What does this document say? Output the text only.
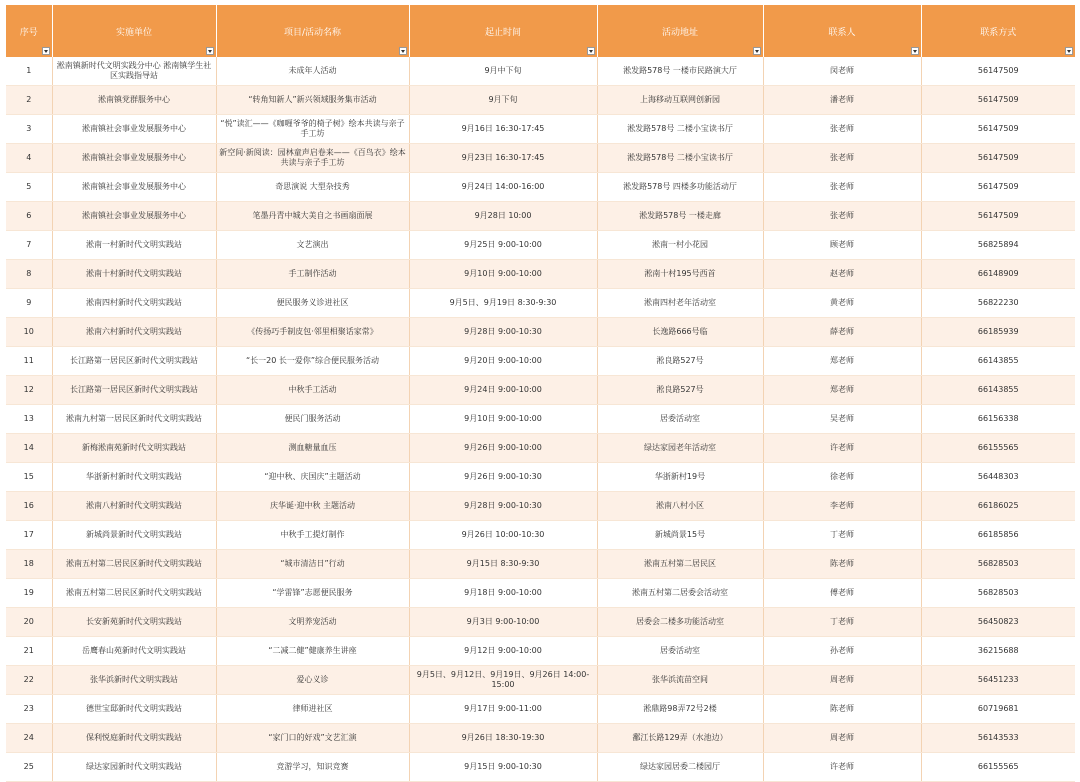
序号	实施单位	项目/活动名称	起止时间	活动地址	联系人	联系方式

1	淞南镇新时代文明实践分中心 淞南镇学生社区实践指导站	未成年人活动	9月中下旬	淞发路578号 一楼市民路演大厅	闵老师	56147509
2	淞南镇党群服务中心	“转角知新人”新兴领域服务集市活动	9月下旬	上海移动互联网创新园	潘老师	56147509
3	淞南镇社会事业发展服务中心	“悦”读汇——《咖喱爷爷的椅子树》绘本共读与亲子手工坊	9月16日 16:30-17:45	淞发路578号 二楼小宝读书厅	张老师	56147509
4	淞南镇社会事业发展服务中心	新空间·新阅读：园林童声启卷来——《百鸟衣》绘本共读与亲子手工坊	9月23日 16:30-17:45	淞发路578号 二楼小宝读书厅	张老师	56147509
5	淞南镇社会事业发展服务中心	奇思演说 大型杂技秀	9月24日 14:00-16:00	淞发路578号 四楼多功能活动厅	张老师	56147509
6	淞南镇社会事业发展服务中心	笔墨丹青中城大美自之书画扇面展	9月28日 10:00	淞发路578号 一楼走廊	张老师	56147509
7	淞南一村新时代文明实践站	文艺演出	9月25日 9:00-10:00	淞南一村小花园	顾老师	56825894
8	淞南十村新时代文明实践站	手工制作活动	9月10日 9:00-10:00	淞南十村195号西首	赵老师	66148909
9	淞南四村新时代文明实践站	便民服务义诊进社区	9月5日、9月19日 8:30-9:30	淞南四村老年活动室	黄老师	56822230
10	淞南六村新时代文明实践站	《传扬巧手制皮包·邻里相聚话家常》	9月28日 9:00-10:30	长逸路666号临	薛老师	66185939
11	长江路第一居民区新时代文明实践站	“长一20 长一爱你”综合便民服务活动	9月20日 9:00-10:00	淞良路527号	郑老师	66143855
12	长江路第一居民区新时代文明实践站	中秋手工活动	9月24日 9:00-10:00	淞良路527号	郑老师	66143855
13	淞南九村第一居民区新时代文明实践站	便民门服务活动	9月10日 9:00-10:00	居委活动室	吴老师	66156338
14	新梅淞南苑新时代文明实践站	测血糖量血压	9月26日 9:00-10:00	绿达家园老年活动室	许老师	66155565
15	华浙新村新时代文明实践站	“迎中秋、庆国庆”主题活动	9月26日 9:00-10:30	华浙新村19号	徐老师	56448303
16	淞南八村新时代文明实践站	庆华诞·迎中秋 主题活动	9月28日 9:00-10:30	淞南八村小区	李老师	66186025
17	新城尚景新时代文明实践站	中秋手工提灯制作	9月26日 10:00-10:30	新城尚景15号	丁老师	66185856
18	淞南五村第二居民区新时代文明实践站	“城市清洁日”行动	9月15日 8:30-9:30	淞南五村第二居民区	陈老师	56828503
19	淞南五村第二居民区新时代文明实践站	“学雷锋”志愿便民服务	9月18日 9:00-10:00	淞南五村第二居委会活动室	傅老师	56828503
20	长安新苑新时代文明实践站	文明养宠活动	9月3日 9:00-10:00	居委会二楼多功能活动室	丁老师	56450823
21	岳鹰春山苑新时代文明实践站	“二减二健”健康养生讲座	9月12日 9:00-10:00	居委活动室	孙老师	36215688
22	张华浜新时代文明实践站	爱心义诊	9月5日、9月12日、9月19日、9月26日 14:00-15:00	张华浜流苗空间	周老师	56451233
23	德世宝邸新时代文明实践站	律师进社区	9月17日 9:00-11:00	淞鼎路98弄72号2楼	陈老师	60719681
24	保利悦庭新时代文明实践站	“家门口的好戏”文艺汇演	9月26日 18:30-19:30	鄱江长路129弄（水池边）	周老师	56143533
25	绿达家园新时代文明实践站	竞游学习，知识竞赛	9月15日 9:00-10:30	绿达家园居委二楼园厅	许老师	66155565
